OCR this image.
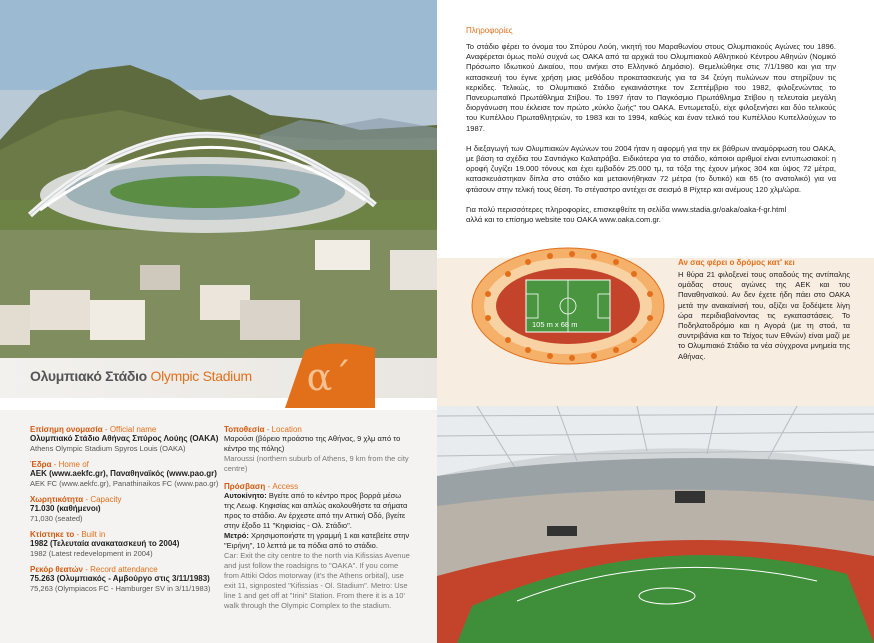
α΄
Ολυμπιακό Στάδιο Olympic Stadium
Επίσημη ονομασία - Official name
Ολυμπιακό Στάδιο Αθήνας Σπύρος Λούης (ΟΑΚΑ)
Athens Olympic Stadium Spyros Louis (OAKA)
Έδρα - Home of
AEK (www.aekfc.gr), Παναθηναϊκός (www.pao.gr)
AEK FC (www.aekfc.gr), Panathinaikos FC (www.pao.gr)
Χωρητικότητα - Capacity
71.030 (καθήμενοι)
71,030 (seated)
Κτίστηκε το - Built in
1982 (Τελευταία ανακατασκευή το 2004)
1982 (Latest redevelopment in 2004)
Ρεκόρ θεατών - Record attendance
75.263 (Ολυμπιακός - Αμβούργο στις 3/11/1983)
75,263 (Olympiacos FC - Hamburger SV in 3/11/1983)
Τοποθεσία - Location
Μαρούσι (βόρειο προάστιο της Αθήνας, 9 χλμ από το κέντρο της πόλης)
Maroussi (northern suburb of Athens, 9 km from the city centre)
Πρόσβαση - Access
Αυτοκίνητο: Βγείτε από το κέντρο προς βορρά μέσω της Λεωφ. Κηφισίας και απλώς ακολουθήστε τα σήματα προς το στάδιο. Αν έρχεστε από την Αττική Οδό, βγείτε στην έξοδο 11 "Κηφισίας - Ολ. Στάδιο".
Μετρό: Χρησιμοποιήστε τη γραμμή 1 και κατεβείτε στην "Ειρήνη", 10 λεπτά με τα πόδια από το στάδιο.
Car: Exit the city centre to the north via Kifissias Avenue and just follow the roadsigns to "OAKA". If you come from Attiki Odos motorway (it's the Athens orbital), use exit 11, signposted "Kifissias - Ol. Stadium". Metro: Use line 1 and get off at "Irini" Station. From there it is a 10' walk through the Olympic Complex to the stadium.
Πληροφορίες
Το στάδιο φέρει το όνομα του Σπύρου Λούη, νικητή του Μαραθωνίου στους Ολυμπιακούς Αγώνες του 1896. Αναφέρεται όμως πολύ συχνά ως ΟΑΚΑ από τα αρχικά του Ολυμπιακού Αθλητικού Κέντρου Αθηνών (Νομικό Πρόσωπο Ιδιωτικού Δικαίου, που ανήκει στο Ελληνικό Δημόσιο). Θεμελιώθηκε στις 7/1/1980 και για την κατασκευή του έγινε χρήση μιας μεθόδου προκατασκευής για τα 34 ζεύγη πυλώνων που στηρίζουν τις κερκίδες. Τελικώς, το Ολυμπιακό Στάδιο εγκαινιάστηκε τον Σεπτέμβριο του 1982, φιλοξενώντας το Πανευρωπαϊκό Πρωτάθλημα Στίβου. Το 1997 ήταν το Παγκόσμιο Πρωτάθλημα Στίβου η τελευταία μεγάλη διοργάνωση που έκλεισε τον πρώτο „κύκλο ζωής" του ΟΑΚΑ. Εντωμεταξύ, είχε φιλοξενήσει και δύο τελικούς του Κυπέλλου Πρωταθλητριών, το 1983 και το 1994, καθώς και έναν τελικό του Κυπέλλου Κυπελλούχων το 1987.
Η διεξαγωγή των Ολυμπιακών Αγώνων του 2004 ήταν η αφορμή για την εκ βάθρων αναμόρφωση του ΟΑΚΑ, με βάση τα σχέδια του Σαντιάγκο Καλατράβα. Ειδικότερα για το στάδιο, κάποιοι αριθμοί είναι εντυπωσιακοί: η οροφή ζυγίζει 19.000 τόνους και έχει εμβαδόν 25.000 τμ, τα τόξα της έχουν μήκος 304 και ύψος 72 μέτρα, κατασκευάστηκαν δίπλα στο στάδιο και μετακινήθηκαν 72 μέτρα (το δυτικό) και 65 (το ανατολικό) για να φτάσουν στην τελική τους θέση. Το στέγαστρο αντέχει σε σεισμό 8 Ρίχτερ και ανέμους 120 χλμ/ώρα.
Για πολύ περισσότερες πληροφορίες, επισκεφθείτε τη σελίδα www.stadia.gr/oaka/oaka-f-gr.html
αλλά και το επίσημο website του ΟΑΚΑ www.oaka.com.gr.
105 m x 68 m
Αν σας φέρει ο δρόμος κατ' κει
Η θύρα 21 φιλοξενεί τους οπαδούς της αντίπαλης ομάδας στους αγώνες της ΑΕΚ και του Παναθηναϊκού. Αν δεν έχετε ήδη πάει στο ΟΑΚΑ μετά την ανακαίνισή του, αξίζει να ξοδέψετε λίγη ώρα περιδιαβαίνοντας τις εγκαταστάσεις. Το Ποδηλατοδρόμιο και η Αγορά (με τη στοά, τα συντριβάνια και το Τείχος των Εθνών) είναι μαζί με το Ολυμπιακό Στάδιο τα νέα σύγχρονα μνημεία της Αθήνας.
